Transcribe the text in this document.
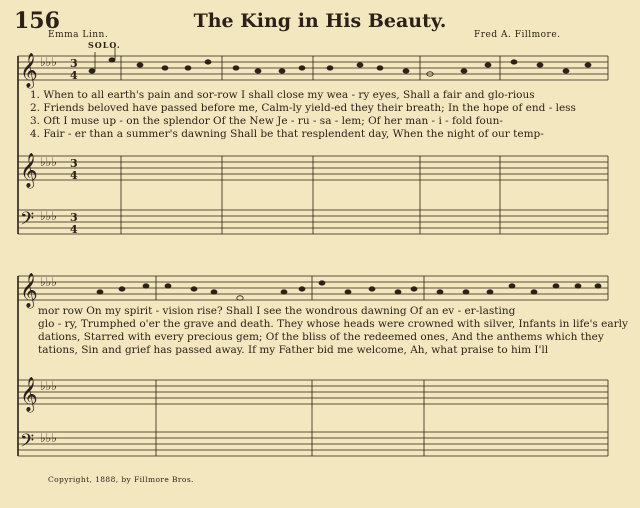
156	The King in His Beauty.
Emma Linn.	Fred A. Fillmore.
SOLO.
𝄞
𝄞
𝄢
𝄞
𝄞
𝄢
♭♭♭
♭♭♭
♭♭♭
♭♭♭
♭♭♭
♭♭♭
3
4
3
4
3
4
1. When to all earth's pain and sor-row I shall close my wea - ry eyes, Shall a fair and glo-rious
2. Friends beloved have passed before me, Calm-ly yield-ed they their breath; In the hope of end - less
3. Oft I muse up - on the splendor Of the New Je - ru - sa - lem; Of her man - i - fold foun-
4. Fair - er than a summer's dawning Shall be that resplendent day, When the night of our temp-
mor row On my spirit - vision rise? Shall I see the wondrous dawning Of an ev - er-lasting
glo - ry, Trumphed o'er the grave and death. They whose heads were crowned with silver, Infants in life's early
dations, Starred with every precious gem; Of the bliss of the redeemed ones, And the anthems which they
tations, Sin and grief has passed away. If my Father bid me welcome, Ah, what praise to him I'll
Copyright, 1888, by Fillmore Bros.
